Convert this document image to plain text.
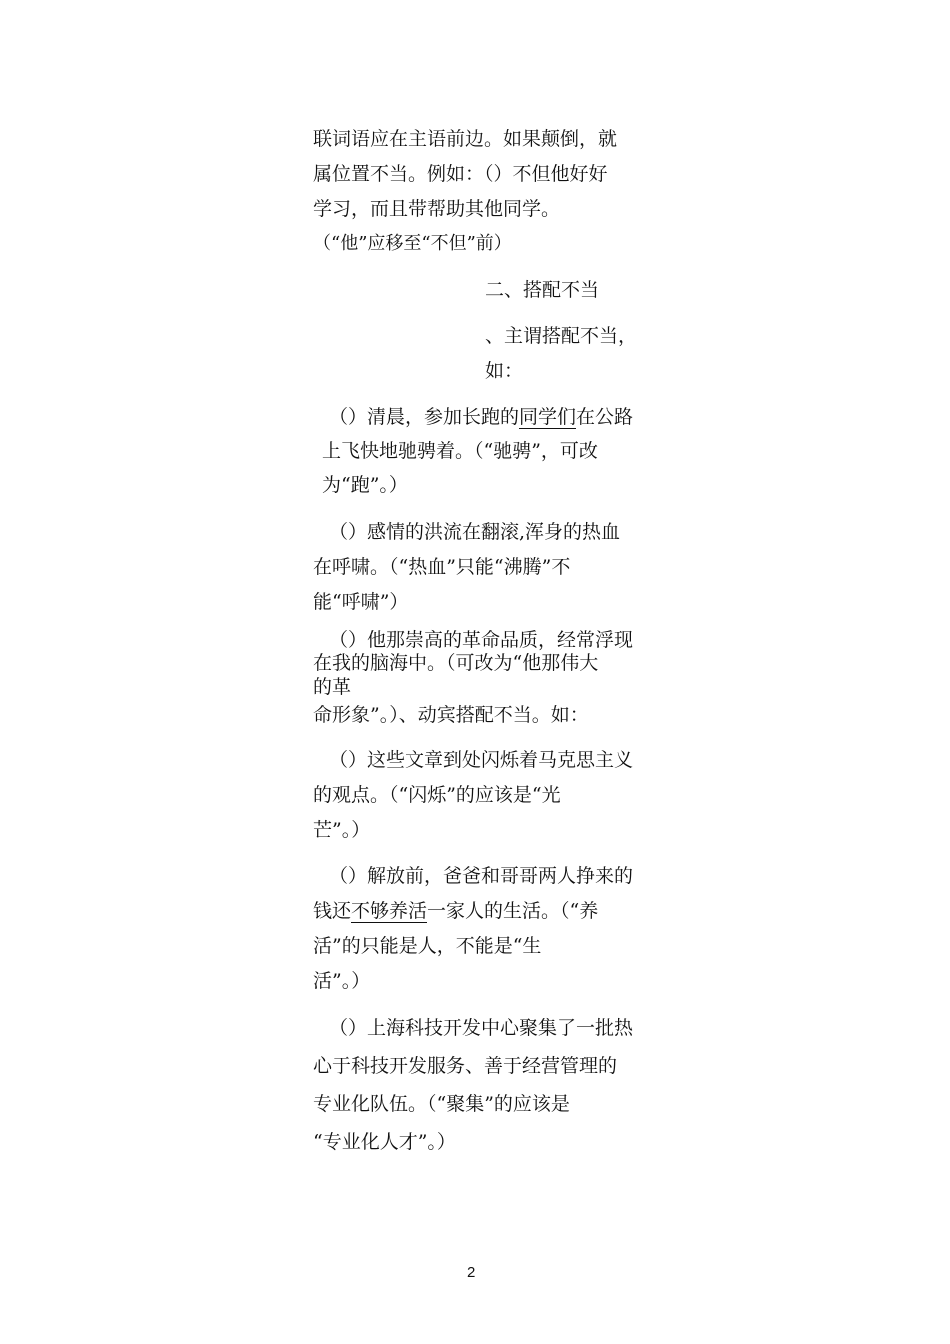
联词语应在主语前边。如果颠倒，就
属位置不当。例如：（）不但他好好
学习，而且带帮助其他同学。
（“他”应移至“不但”前）
二、搭配不当
、主谓搭配不当，
如：
（）清晨，参加长跑的同学们在公路
上飞快地驰骋着。（“驰骋”，可改
为“跑”。）
（）感情的洪流在翻滚,浑身的热血
在呼啸。（“热血”只能“沸腾”不
能“呼啸”）
（）他那崇高的革命品质，经常浮现
在我的脑海中。（可改为“他那伟大
的革
命形象”。）、动宾搭配不当。如：
（）这些文章到处闪烁着马克思主义
的观点。（“闪烁”的应该是“光
芒”。）
（）解放前，爸爸和哥哥两人挣来的
钱还不够养活一家人的生活。（“养
活”的只能是人，不能是“生
活”。）
（）上海科技开发中心聚集了一批热
心于科技开发服务、善于经营管理的
专业化队伍。（“聚集”的应该是
“专业化人才”。）
2
